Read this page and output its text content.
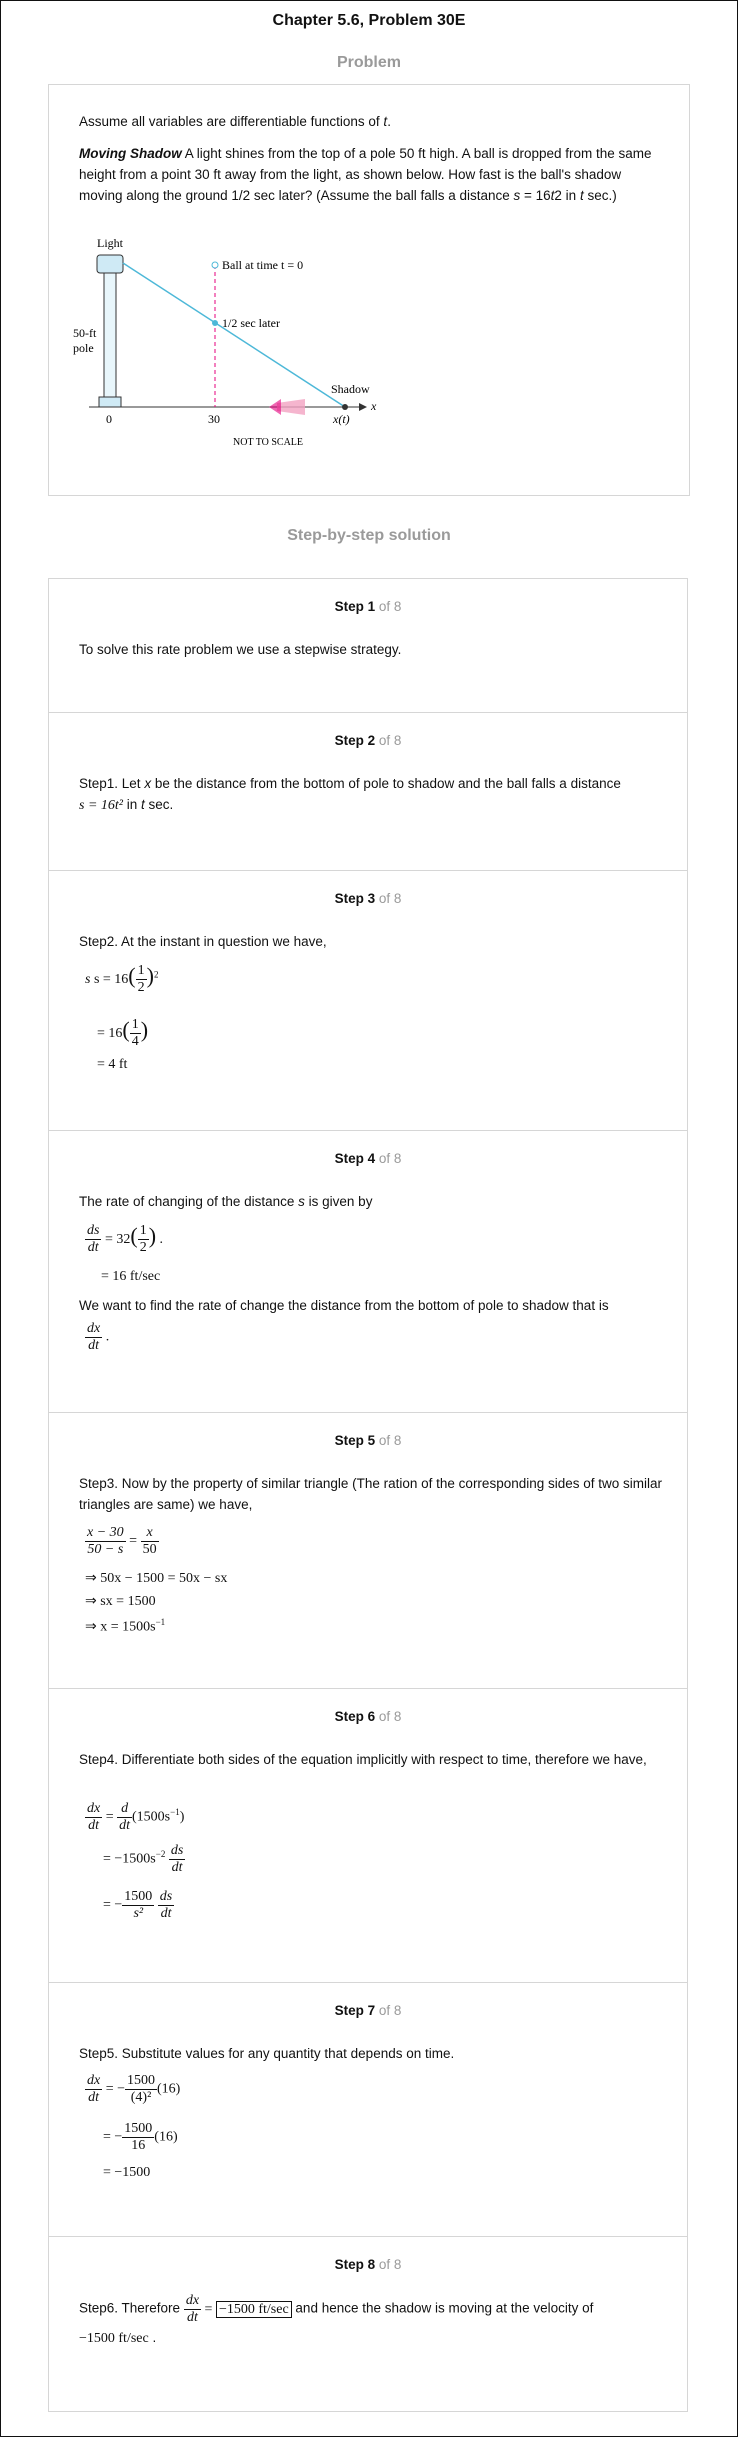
Chapter 5.6, Problem 30E
Problem
Assume all variables are differentiable functions of t.
Moving Shadow A light shines from the top of a pole 50 ft high. A ball is dropped from the same height from a point 30 ft away from the light, as shown below. How fast is the ball's shadow moving along the ground 1/2 sec later? (Assume the ball falls a distance s = 16t2 in t sec.)
Light
Ball at time t = 0
1/2 sec later
50-ft
pole
Shadow
x
0	30	x(t)
NOT TO SCALE
Step-by-step solution
Step 1 of 8
To solve this rate problem we use a stepwise strategy.
Step 2 of 8
Step1. Let x be the distance from the bottom of pole to shadow and the ball falls a distance
s = 16t² in t sec.
Step 3 of 8
Step2. At the instant in question we have,
s $s = 16( \frac{1}{2} )^2$
= $16( \frac{1}{4}$ )
= 4 ft
Step 4 of 8
The rate of changing of the distance s is given by
$\frac{ds}{dt} = 32( \frac{1}{2}$ ) .
= 16 ft/sec
We want to find the rate of change the distance from the bottom of pole to shadow that is
$\frac{dx}{dt}$ .
Step 5 of 8
Step3. Now by the property of similar triangle (The ration of the corresponding sides of two similar triangles are same) we have,
$\frac{x - 30}{50 - s} = \frac{x}{50}$
⇒ 50x − 1500 = 50x − sx
⇒ sx = 1500
⇒ $x = 1500s^{-1}$
Step 6 of 8
Step4. Differentiate both sides of the equation implicitly with respect to time, therefore we have,
$\frac{dx}{dt} = \frac{d}{dt} (1500s^{-1})$
= $-1500s^{-2} \frac{ds}{dt}$
= − $\frac{1500}{\text{s²}}$
$\frac{ds}{dt}$
Step 7 of 8
Step5. Substitute values for any quantity that depends on time.
$\frac{dx}{dt}$ = − $\frac{1500}{\text{(4)²}} (16)$
= − $\frac{1500}{16} (16)$
= −1500
Step 8 of 8
Step6. Therefore $\frac{dx}{dt} = -1500$ ft/sec and hence the shadow is moving at the velocity of
−1500 ft/sec .
